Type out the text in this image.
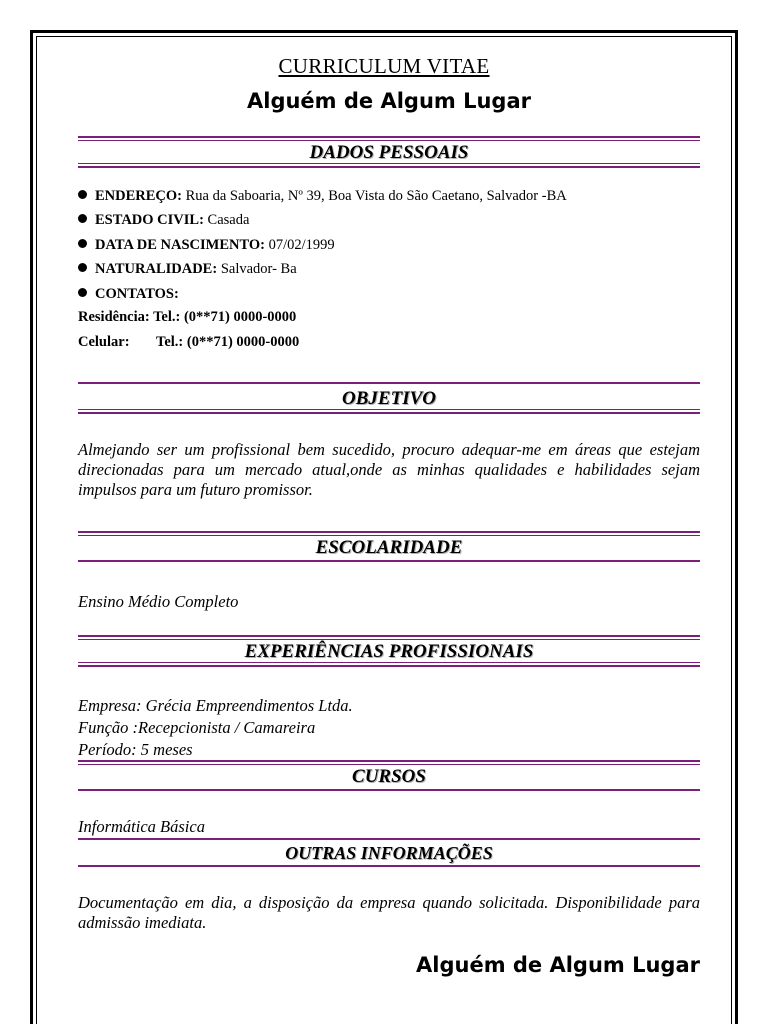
CURRICULUM VITAE
Alguém de Algum Lugar
DADOS PESSOAIS
ENDEREÇO: Rua da Saboaria, Nº 39, Boa Vista do São Caetano, Salvador -BA
ESTADO CIVIL: Casada
DATA DE NASCIMENTO: 07/02/1999
NATURALIDADE: Salvador- Ba
CONTATOS:
Residência: Tel.: (0**71) 0000-0000
Celular: Tel.: (0**71) 0000-0000
OBJETIVO
Almejando ser um profissional bem sucedido, procuro adequar-me em áreas que estejam direcionadas para um mercado atual,onde as minhas qualidades e habilidades sejam impulsos para um futuro promissor.
ESCOLARIDADE
Ensino Médio Completo
EXPERIÊNCIAS PROFISSIONAIS
Empresa: Grécia Empreendimentos Ltda.
Função :Recepcionista / Camareira
Período: 5 meses
CURSOS
Informática Básica
OUTRAS INFORMAÇÕES
Documentação em dia, a disposição da empresa quando solicitada. Disponibilidade para admissão imediata.
Alguém de Algum Lugar
